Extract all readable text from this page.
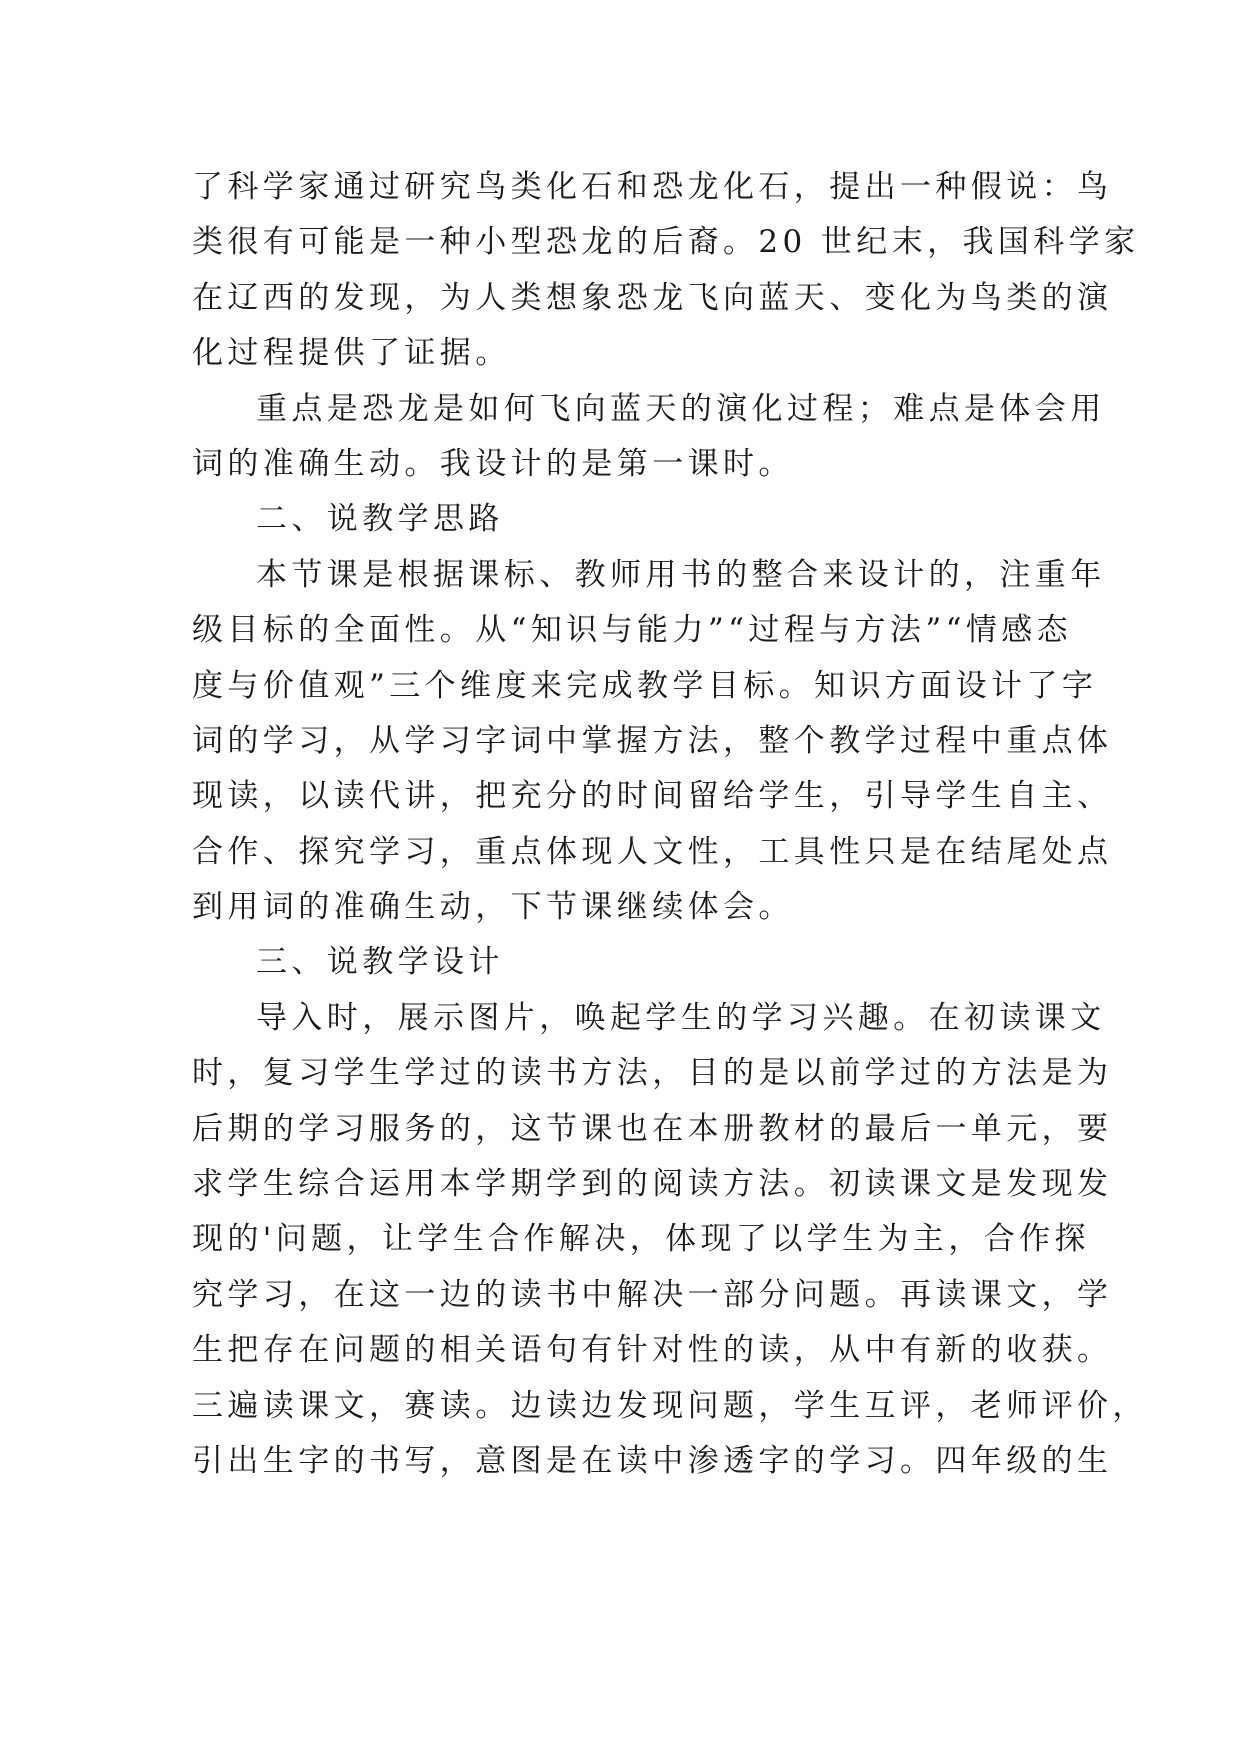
了科学家通过研究鸟类化石和恐龙化石，提出一种假说：鸟
类很有可能是一种小型恐龙的后裔。20 世纪末，我国科学家
在辽西的发现，为人类想象恐龙飞向蓝天、变化为鸟类的演
化过程提供了证据。
重点是恐龙是如何飞向蓝天的演化过程；难点是体会用
词的准确生动。我设计的是第一课时。
二、说教学思路
本节课是根据课标、教师用书的整合来设计的，注重年
级目标的全面性。从“知识与能力”“过程与方法”“情感态
度与价值观”三个维度来完成教学目标。知识方面设计了字
词的学习，从学习字词中掌握方法，整个教学过程中重点体
现读，以读代讲，把充分的时间留给学生，引导学生自主、
合作、探究学习，重点体现人文性，工具性只是在结尾处点
到用词的准确生动，下节课继续体会。
三、说教学设计
导入时，展示图片，唤起学生的学习兴趣。在初读课文
时，复习学生学过的读书方法，目的是以前学过的方法是为
后期的学习服务的，这节课也在本册教材的最后一单元，要
求学生综合运用本学期学到的阅读方法。初读课文是发现发
现的'问题，让学生合作解决，体现了以学生为主，合作探
究学习，在这一边的读书中解决一部分问题。再读课文，学
生把存在问题的相关语句有针对性的读，从中有新的收获。
三遍读课文，赛读。边读边发现问题，学生互评，老师评价，
引出生字的书写，意图是在读中渗透字的学习。四年级的生
